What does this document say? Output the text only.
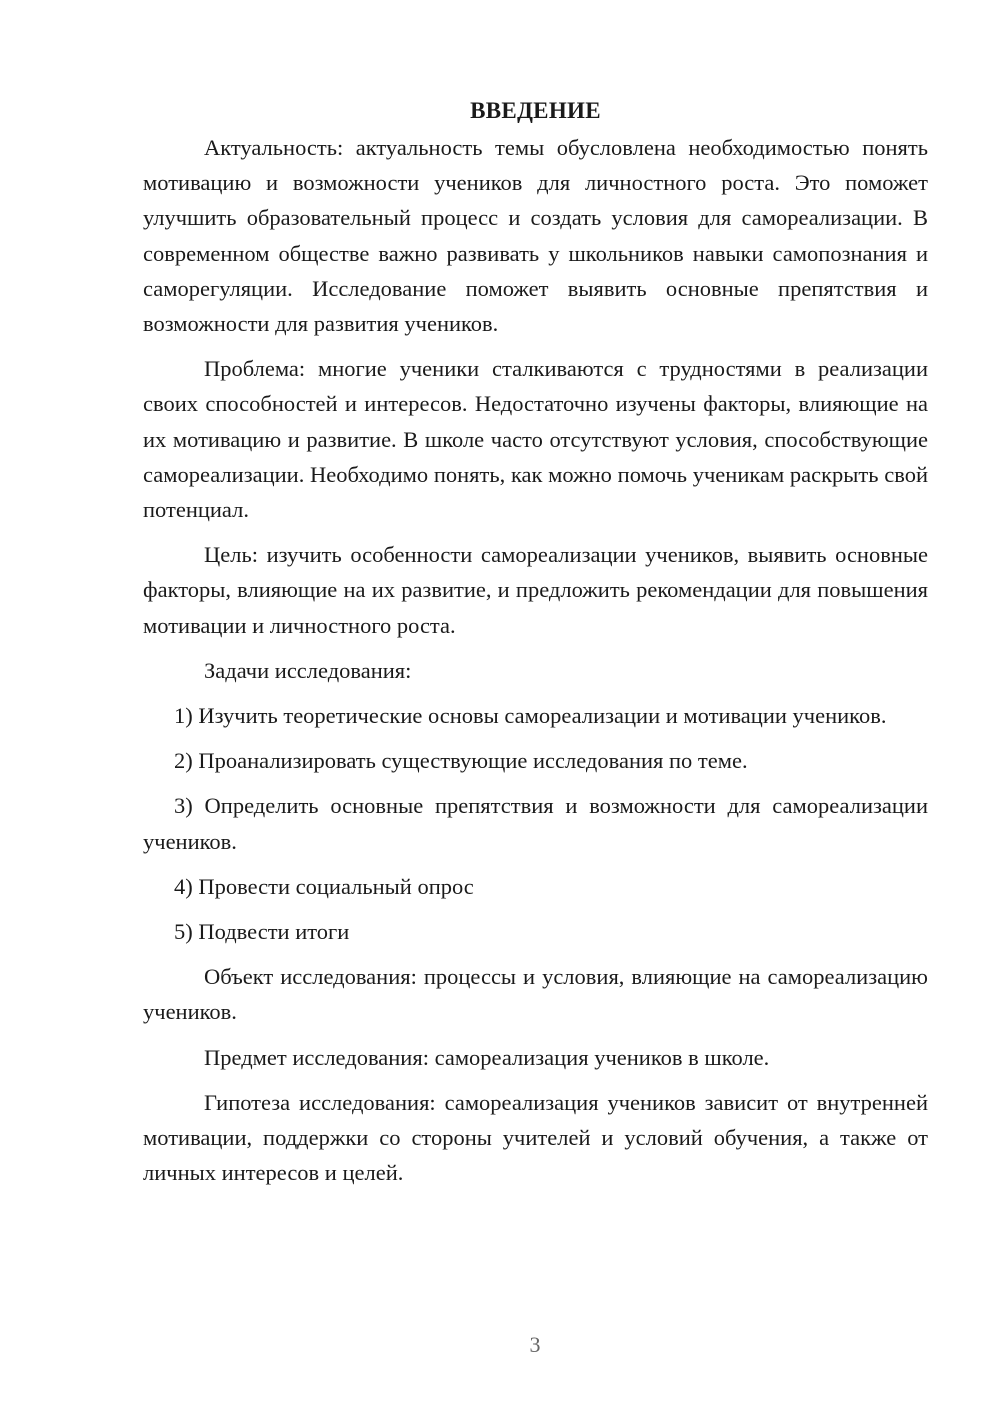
ВВЕДЕНИЕ

Актуальность: актуальность темы обусловлена необходимостью понять мотивацию и возможности учеников для личностного роста. Это поможет улучшить образовательный процесс и создать условия для самореализации. В современном обществе важно развивать у школьников навыки самопознания и саморегуляции. Исследование поможет выявить основные препятствия и возможности для развития учеников.

Проблема: многие ученики сталкиваются с трудностями в реализации своих способностей и интересов. Недостаточно изучены факторы, влияющие на их мотивацию и развитие. В школе часто отсутствуют условия, способствующие самореализации. Необходимо понять, как можно помочь ученикам раскрыть свой потенциал.

Цель: изучить особенности самореализации учеников, выявить основные факторы, влияющие на их развитие, и предложить рекомендации для повышения мотивации и личностного роста.

Задачи исследования:

1) Изучить теоретические основы самореализации и мотивации учеников.

2) Проанализировать существующие исследования по теме.

3) Определить основные препятствия и возможности для самореализации учеников.

4) Провести социальный опрос

5) Подвести итоги

Объект исследования: процессы и условия, влияющие на самореализацию учеников.

Предмет исследования: самореализация учеников в школе.

Гипотеза исследования: самореализация учеников зависит от внутренней мотивации, поддержки со стороны учителей и условий обучения, а также от личных интересов и целей.

3
